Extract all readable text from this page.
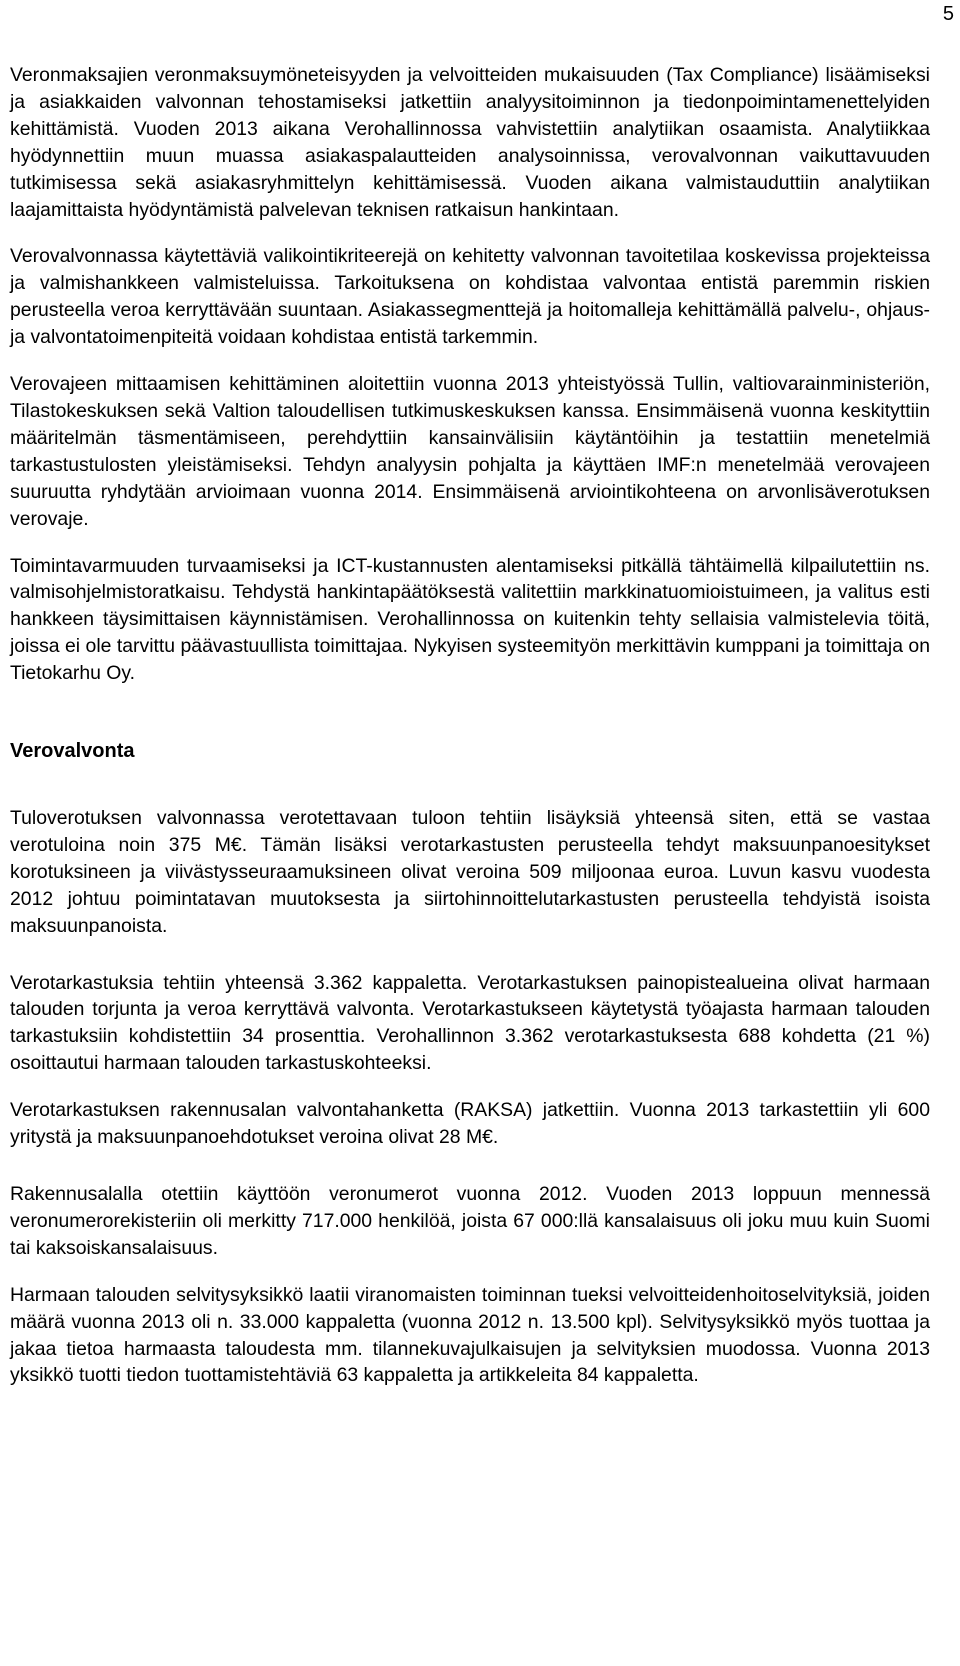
5

Veronmaksajien veronmaksuymöneteisyyden ja velvoitteiden mukaisuuden (Tax Compliance) lisäämiseksi ja asiakkaiden valvonnan tehostamiseksi jatkettiin analyysitoiminnon ja tiedonpoimintamenettelyiden kehittämistä. Vuoden 2013 aikana Verohallinnossa vahvistettiin analytiikan osaamista. Analytiikkaa hyödynnettiin muun muassa asiakaspalautteiden analysoinnissa, verovalvonnan vaikuttavuuden tutkimisessa sekä asiakasryhmittelyn kehittämisessä. Vuoden aikana valmistauduttiin analytiikan laajamittaista hyödyntämistä palvelevan teknisen ratkaisun hankintaan.

Verovalvonnassa käytettäviä valikointikriteerejä on kehitetty valvonnan tavoitetilaa koskevissa projekteissa ja valmishankkeen valmisteluissa. Tarkoituksena on kohdistaa valvontaa entistä paremmin riskien perusteella veroa kerryttävään suuntaan. Asiakassegmenttejä ja hoitomalleja kehittämällä palvelu-, ohjaus- ja valvontatoimenpiteitä voidaan kohdistaa entistä tarkemmin.

Verovajeen mittaamisen kehittäminen aloitettiin vuonna 2013 yhteistyössä Tullin, valtiovarainministeriön, Tilastokeskuksen sekä Valtion taloudellisen tutkimuskeskuksen kanssa. Ensimmäisenä vuonna keskityttiin määritelmän täsmentämiseen, perehdyttiin kansainvälisiin käytäntöihin ja testattiin menetelmiä tarkastustulosten yleistämiseksi. Tehdyn analyysin pohjalta ja käyttäen IMF:n menetelmää verovajeen suuruutta ryhdytään arvioimaan vuonna 2014. Ensimmäisenä arviointikohteena on arvonlisäverotuksen verovaje.

Toimintavarmuuden turvaamiseksi ja ICT-kustannusten alentamiseksi pitkällä tähtäimellä kilpailutettiin ns. valmisohjelmistoratkaisu. Tehdystä hankintapäätöksestä valitettiin markkinatuomioistuimeen, ja valitus esti hankkeen täysimittaisen käynnistämisen. Verohallinnossa on kuitenkin tehty sellaisia valmistelevia töitä, joissa ei ole tarvittu päävastuullista toimittajaa. Nykyisen systeemityön merkittävin kumppani ja toimittaja on Tietokarhu Oy.

Verovalvonta

Tuloverotuksen valvonnassa verotettavaan tuloon tehtiin lisäyksiä yhteensä siten, että se vastaa verotuloina noin 375 M€. Tämän lisäksi verotarkastusten perusteella tehdyt maksuunpanoesitykset korotuksineen ja viivästysseuraamuksineen olivat veroina 509 miljoonaa euroa. Luvun kasvu vuodesta 2012 johtuu poimintatavan muutoksesta ja siirtohinnoittelutarkastusten perusteella tehdyistä isoista maksuunpanoista.

Verotarkastuksia tehtiin yhteensä 3.362 kappaletta. Verotarkastuksen painopistealueina olivat harmaan talouden torjunta ja veroa kerryttävä valvonta. Verotarkastukseen käytetystä työajasta harmaan talouden tarkastuksiin kohdistettiin 34 prosenttia. Verohallinnon 3.362 verotarkastuksesta 688 kohdetta (21 %) osoittautui harmaan talouden tarkastuskohteeksi.

Verotarkastuksen rakennusalan valvontahanketta (RAKSA) jatkettiin. Vuonna 2013 tarkastettiin yli 600 yritystä ja maksuunpanoehdotukset veroina olivat 28 M€.

Rakennusalalla otettiin käyttöön veronumerot vuonna 2012. Vuoden 2013 loppuun mennessä veronumerorekisteriin oli merkitty 717.000 henkilöä, joista 67 000:llä kansalaisuus oli joku muu kuin Suomi tai kaksoiskansalaisuus.

Harmaan talouden selvitysyksikkö laatii viranomaisten toiminnan tueksi velvoitteidenhoitoselvityksiä, joiden määrä vuonna 2013 oli n. 33.000 kappaletta (vuonna 2012 n. 13.500 kpl). Selvitysyksikkö myös tuottaa ja jakaa tietoa harmaasta taloudesta mm. tilannekuvajulkaisujen ja selvityksien muodossa. Vuonna 2013 yksikkö tuotti tiedon tuottamistehtäviä 63 kappaletta ja artikkeleita 84 kappaletta.
